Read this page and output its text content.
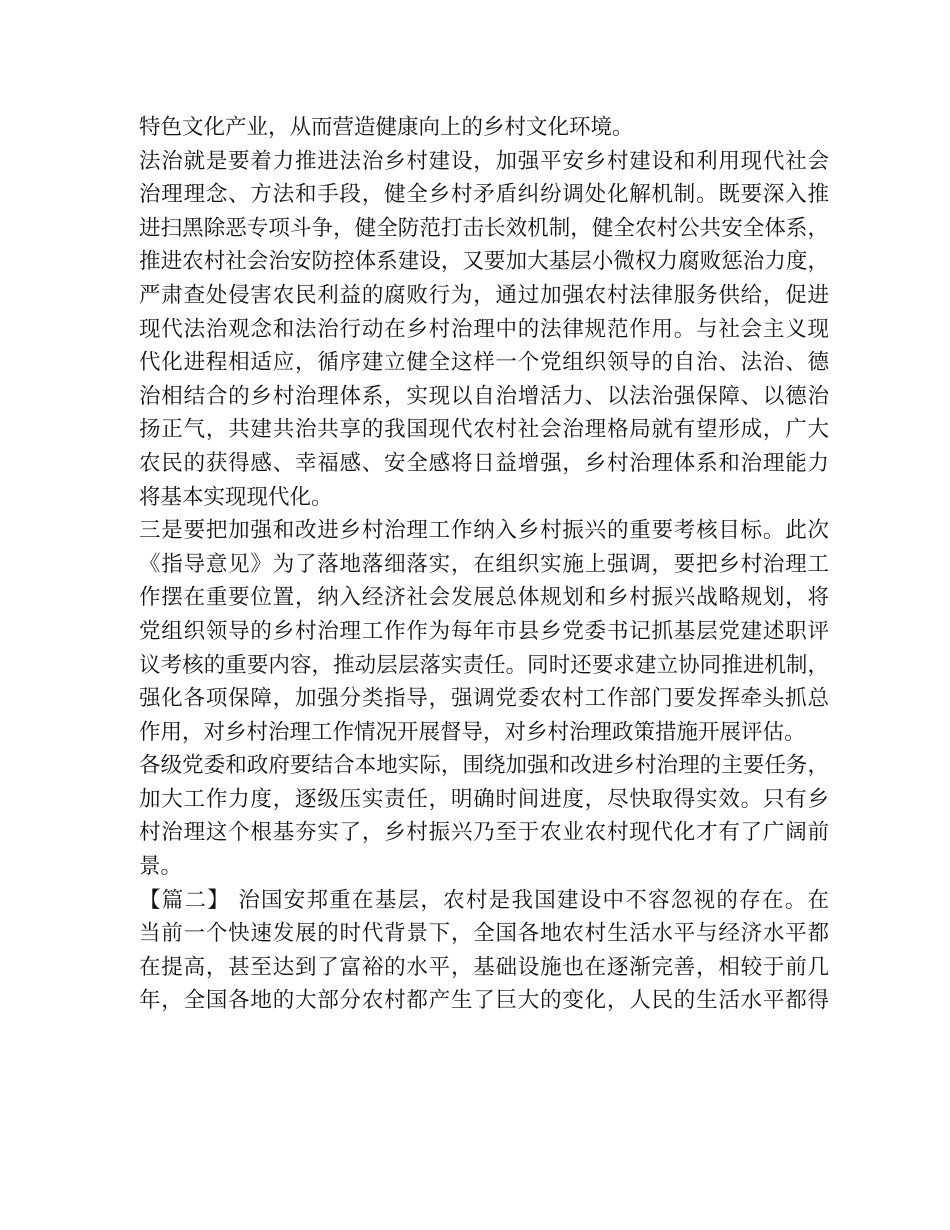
特色文化产业，从而营造健康向上的乡村文化环境。
法治就是要着力推进法治乡村建设，加强平安乡村建设和利用现代社会
治理理念、方法和手段，健全乡村矛盾纠纷调处化解机制。既要深入推
进扫黑除恶专项斗争，健全防范打击长效机制，健全农村公共安全体系，
推进农村社会治安防控体系建设，又要加大基层小微权力腐败惩治力度，
严肃查处侵害农民利益的腐败行为，通过加强农村法律服务供给，促进
现代法治观念和法治行动在乡村治理中的法律规范作用。与社会主义现
代化进程相适应，循序建立健全这样一个党组织领导的自治、法治、德
治相结合的乡村治理体系，实现以自治增活力、以法治强保障、以德治
扬正气，共建共治共享的我国现代农村社会治理格局就有望形成，广大
农民的获得感、幸福感、安全感将日益增强，乡村治理体系和治理能力
将基本实现现代化。
三是要把加强和改进乡村治理工作纳入乡村振兴的重要考核目标。此次
《指导意见》为了落地落细落实，在组织实施上强调，要把乡村治理工
作摆在重要位置，纳入经济社会发展总体规划和乡村振兴战略规划，将
党组织领导的乡村治理工作作为每年市县乡党委书记抓基层党建述职评
议考核的重要内容，推动层层落实责任。同时还要求建立协同推进机制，
强化各项保障，加强分类指导，强调党委农村工作部门要发挥牵头抓总
作用，对乡村治理工作情况开展督导，对乡村治理政策措施开展评估。
各级党委和政府要结合本地实际，围绕加强和改进乡村治理的主要任务，
加大工作力度，逐级压实责任，明确时间进度，尽快取得实效。只有乡
村治理这个根基夯实了，乡村振兴乃至于农业农村现代化才有了广阔前
景。
【篇二】 治国安邦重在基层，农村是我国建设中不容忽视的存在。在
当前一个快速发展的时代背景下，全国各地农村生活水平与经济水平都
在提高，甚至达到了富裕的水平，基础设施也在逐渐完善，相较于前几
年，全国各地的大部分农村都产生了巨大的变化，人民的生活水平都得
